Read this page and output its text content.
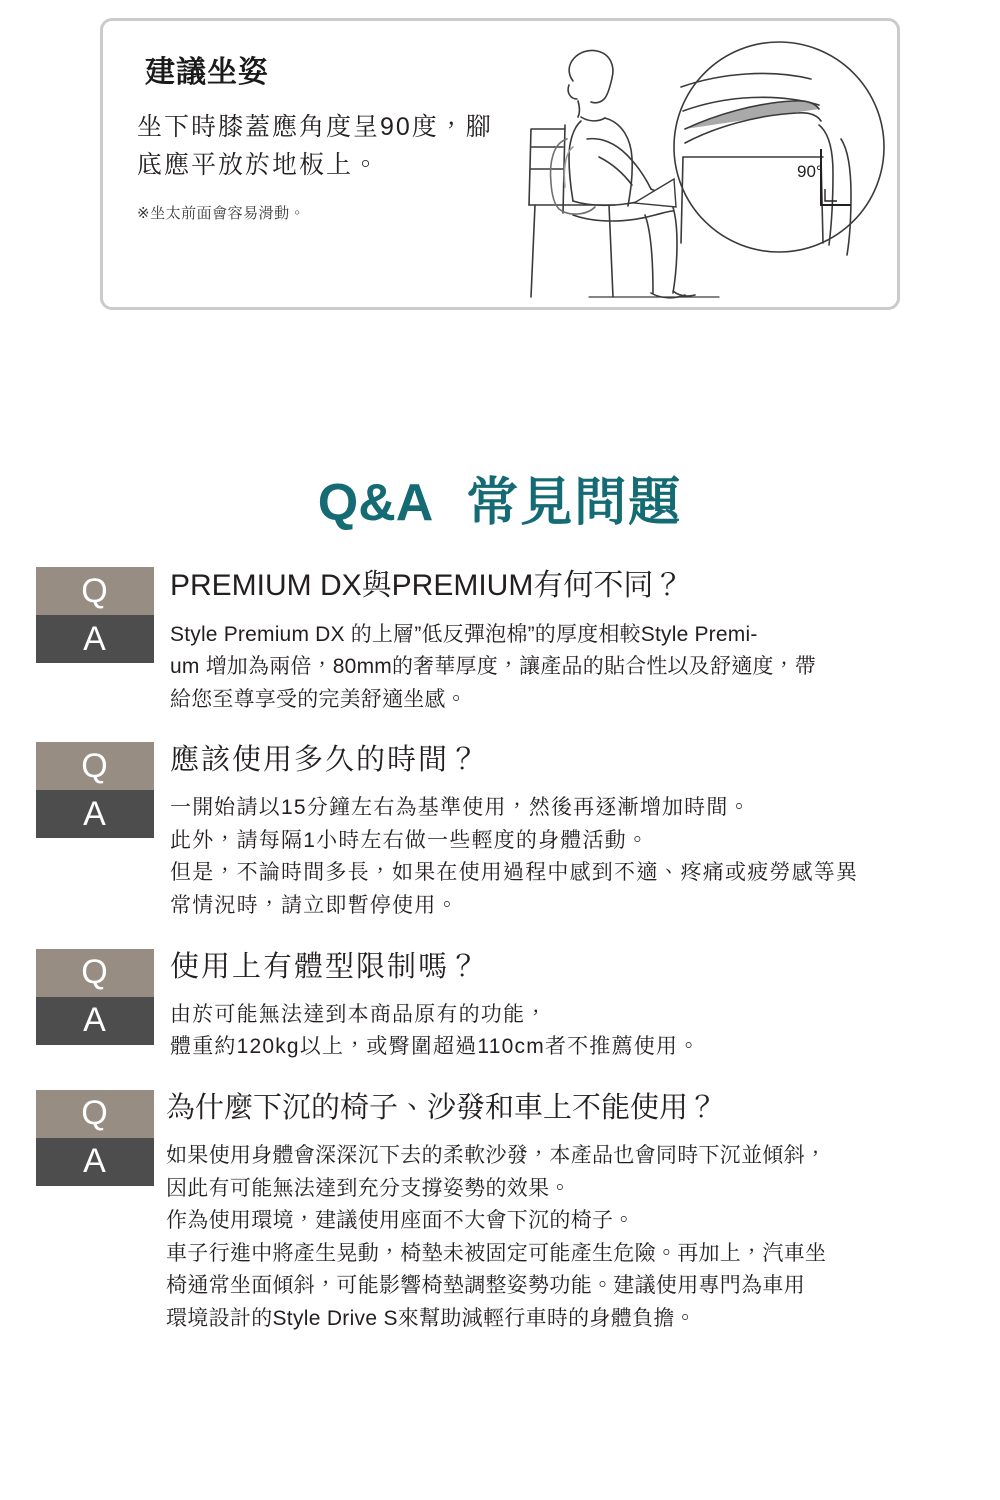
建議坐姿

坐下時膝蓋應角度呈90度，腳底應平放於地板上。

※坐太前面會容易滑動。
90°
Q&A 常見問題
Q
A
PREMIUM DX與PREMIUM有何不同？

Style Premium DX 的上層”低反彈泡棉”的厚度相較Style Premi-

um 增加為兩倍，80mm的奢華厚度，讓產品的貼合性以及舒適度，帶

給您至尊享受的完美舒適坐感。

Q
A
應該使用多久的時間？

一開始請以15分鐘左右為基準使用，然後再逐漸增加時間。

此外，請每隔1小時左右做一些輕度的身體活動。

但是，不論時間多長，如果在使用過程中感到不適、疼痛或疲勞感等異

常情況時，請立即暫停使用。

Q
A
使用上有體型限制嗎？

由於可能無法達到本商品原有的功能，

體重約120kg以上，或臀圍超過110cm者不推薦使用。

Q
A
為什麼下沉的椅子、沙發和車上不能使用？

如果使用身體會深深沉下去的柔軟沙發，本產品也會同時下沉並傾斜，

因此有可能無法達到充分支撐姿勢的效果。

作為使用環境，建議使用座面不大會下沉的椅子。

車子行進中將產生晃動，椅墊未被固定可能產生危險。再加上，汽車坐

椅通常坐面傾斜，可能影響椅墊調整姿勢功能。建議使用專門為車用

環境設計的Style Drive S來幫助減輕行車時的身體負擔。
